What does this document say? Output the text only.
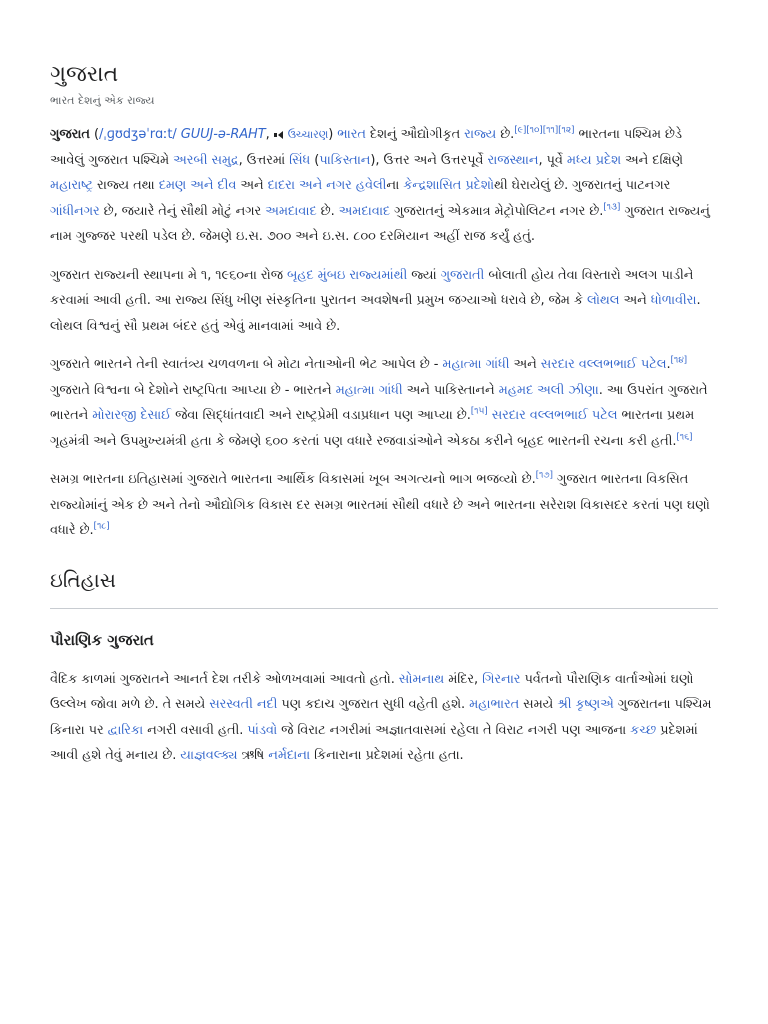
ગુજરાત
ભારત દેશનું એક રાજ્ય

ગુજરાત (/ˌɡʊdʒəˈrɑːt/ GUUJ-ə-RAHT,  ઉચ્ચારણ) ભારત દેશનું ઔદ્યોગીકૃત રાજ્ય છે.[૯][૧૦][૧૧][૧૨] ભારતના પશ્ચિમ છેડે આવેલું ગુજરાત પશ્ચિમે અરબી સમુદ્ર, ઉત્તરમાં સિંધ (પાકિસ્તાન), ઉત્તર અને ઉત્તરપૂર્વે રાજસ્થાન, પૂર્વે મધ્ય પ્રદેશ અને દક્ષિણે મહારાષ્ટ્ર રાજ્ય તથા દમણ અને દીવ અને દાદરા અને નગર હવેલીના કેન્દ્રશાસિત પ્રદેશોથી ઘેરાયેલું છે. ગુજરાતનું પાટનગર ગાંધીનગર છે, જયારે તેનું સૌથી મોટું નગર અમદાવાદ છે. અમદાવાદ ગુજરાતનું એકમાત્ર મેટ્રોપોલિટન નગર છે.[૧૩] ગુજરાત રાજ્યનું નામ ગુજ્જર પરથી પડેલ છે. જેમણે ઇ.સ. ૭૦૦ અને ઇ.સ. ૮૦૦ દરમિયાન અહીં રાજ કર્યું હતું.

ગુજરાત રાજ્યની સ્થાપના મે ૧, ૧૯૬૦ના રોજ બૃહદ મુંબઇ રાજ્યમાંથી જ્યાં ગુજરાતી બોલાતી હોય તેવા વિસ્તારો અલગ પાડીને કરવામાં આવી હતી. આ રાજ્ય સિંધુ ખીણ સંસ્કૃતિના પુરાતન અવશેષની પ્રમુખ જગ્યાઓ ધરાવે છે, જેમ કે લોથલ અને ધોળાવીરા. લોથલ વિશ્વનું સૌ પ્રથમ બંદર હતું એવું માનવામાં આવે છે.

ગુજરાતે ભારતને તેની સ્વાતંત્ર્ય ચળવળના બે મોટા નેતાઓની ભેટ આપેલ છે - મહાત્મા ગાંધી અને સરદાર વલ્લભભાઈ પટેલ.[૧૪] ગુજરાતે વિશ્વના બે દેશોને રાષ્ટ્રપિતા આપ્યા છે - ભારતને મહાત્મા ગાંધી અને પાકિસ્તાનને મહમદ અલી ઝીણા. આ ઉપરાંત ગુજરાતે ભારતને મોરારજી દેસાઈ જેવા સિદ્ધાંતવાદી અને રાષ્ટ્રપ્રેમી વડાપ્રધાન પણ આપ્યા છે.[૧૫] સરદાર વલ્લભભાઈ પટેલ ભારતના પ્રથમ ગૃહમંત્રી અને ઉપમુખ્યમંત્રી હતા કે જેમણે ૬૦૦ કરતાં પણ વધારે રજવાડાંઓને એકઠા કરીને બૃહદ ભારતની રચના કરી હતી.[૧૬]

સમગ્ર ભારતના ઇતિહાસમાં ગુજરાતે ભારતના આર્થિક વિકાસમાં ખૂબ અગત્યનો ભાગ ભજવ્યો છે.[૧૭] ગુજરાત ભારતના વિકસિત રાજ્યોમાંનું એક છે અને તેનો ઔદ્યોગિક વિકાસ દર સમગ્ર ભારતમાં સૌથી વધારે છે અને ભારતના સરેરાશ વિકાસદર કરતાં પણ ઘણો વધારે છે.[૧૮]

ઇતિહાસ
પૌરાણિક ગુજરાત

વૈદિક કાળમાં ગુજરાતને આનર્ત દેશ તરીકે ઓળખવામાં આવતો હતો. સોમનાથ મંદિર, ગિરનાર પર્વતનો પૌરાણિક વાર્તાઓમાં ઘણો ઉલ્લેખ જોવા મળે છે. તે સમયે સરસ્વતી નદી પણ કદાચ ગુજરાત સુધી વહેતી હશે. મહાભારત સમયે શ્રી કૃષ્ણએ ગુજરાતના પશ્ચિમ કિનારા પર દ્વારિકા નગરી વસાવી હતી. પાંડવો જે વિરાટ નગરીમાં અજ્ઞાતવાસમાં રહેલા તે વિરાટ નગરી પણ આજના કચ્છ પ્રદેશમાં આવી હશે તેવું મનાય છે. યાજ્ઞવલ્ક્ય ઋષિ નર્મદાના કિનારાના પ્રદેશમાં રહેતા હતા.
